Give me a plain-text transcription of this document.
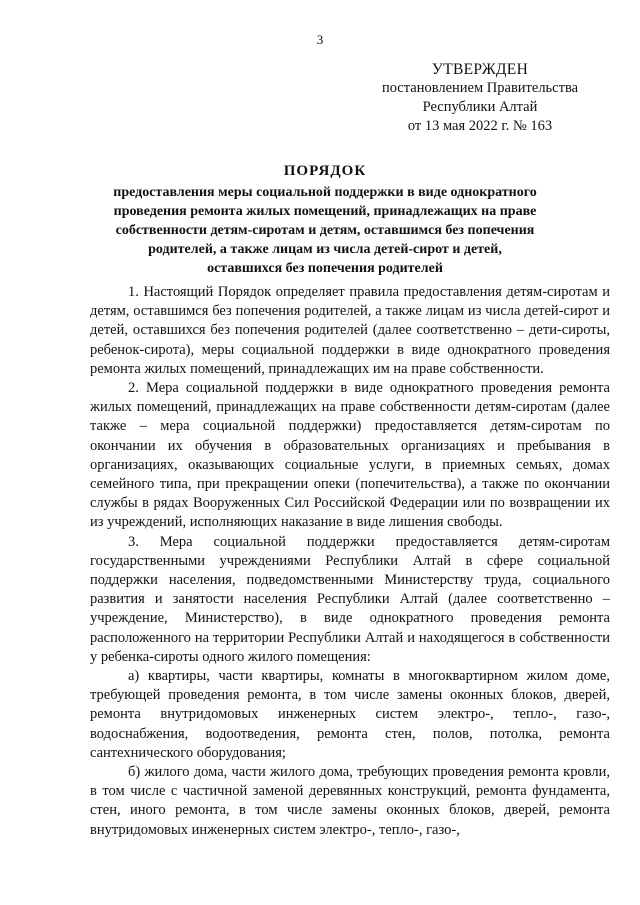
3
УТВЕРЖДЕН
постановлением Правительства
Республики Алтай
от 13 мая 2022 г. № 163
ПОРЯДОК
предоставления меры социальной поддержки в виде однократного проведения ремонта жилых помещений, принадлежащих на праве собственности детям-сиротам и детям, оставшимся без попечения родителей, а также лицам из числа детей-сирот и детей, оставшихся без попечения родителей

1. Настоящий Порядок определяет правила предоставления детям-сиротам и детям, оставшимся без попечения родителей, а также лицам из числа детей-сирот и детей, оставшихся без попечения родителей (далее соответственно – дети-сироты, ребенок-сирота), меры социальной поддержки в виде однократного проведения ремонта жилых помещений, принадлежащих им на праве собственности.

2. Мера социальной поддержки в виде однократного проведения ремонта жилых помещений, принадлежащих на праве собственности детям-сиротам (далее также – мера социальной поддержки) предоставляется детям-сиротам по окончании их обучения в образовательных организациях и пребывания в организациях, оказывающих социальные услуги, в приемных семьях, домах семейного типа, при прекращении опеки (попечительства), а также по окончании службы в рядах Вооруженных Сил Российской Федерации или по возвращении их из учреждений, исполняющих наказание в виде лишения свободы.

3. Мера социальной поддержки предоставляется детям-сиротам государственными учреждениями Республики Алтай в сфере социальной поддержки населения, подведомственными Министерству труда, социального развития и занятости населения Республики Алтай (далее соответственно – учреждение, Министерство), в виде однократного проведения ремонта расположенного на территории Республики Алтай и находящегося в собственности у ребенка-сироты одного жилого помещения:

а) квартиры, части квартиры, комнаты в многоквартирном жилом доме, требующей проведения ремонта, в том числе замены оконных блоков, дверей, ремонта внутридомовых инженерных систем электро-, тепло-, газо-, водоснабжения, водоотведения, ремонта стен, полов, потолка, ремонта сантехнического оборудования;

б) жилого дома, части жилого дома, требующих проведения ремонта кровли, в том числе с частичной заменой деревянных конструкций, ремонта фундамента, стен, иного ремонта, в том числе замены оконных блоков, дверей, ремонта внутридомовых инженерных систем электро-, тепло-, газо-,
